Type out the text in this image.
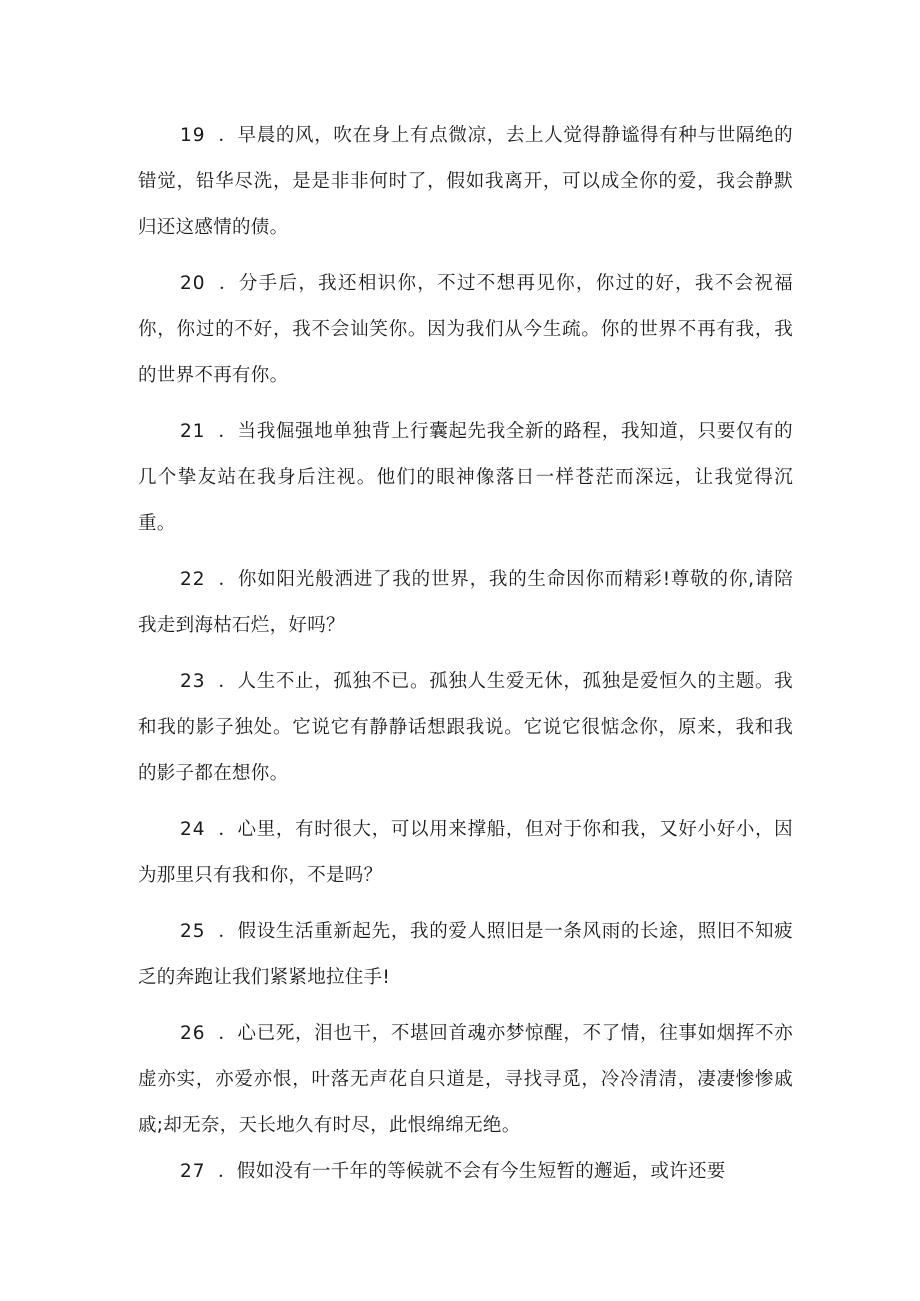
19 ．早晨的风，吹在身上有点微凉，去上人觉得静谧得有种与世隔绝的错觉，铅华尽洗，是是非非何时了，假如我离开，可以成全你的爱，我会静默归还这感情的债。

20 ．分手后，我还相识你，不过不想再见你，你过的好，我不会祝福你，你过的不好，我不会讪笑你。因为我们从今生疏。你的世界不再有我，我的世界不再有你。

21 ．当我倔强地单独背上行囊起先我全新的路程，我知道，只要仅有的几个挚友站在我身后注视。他们的眼神像落日一样苍茫而深远，让我觉得沉重。

22 ．你如阳光般洒进了我的世界，我的生命因你而精彩!尊敬的你,请陪我走到海枯石烂，好吗？

23 ．人生不止，孤独不已。孤独人生爱无休，孤独是爱恒久的主题。我和我的影子独处。它说它有静静话想跟我说。它说它很惦念你，原来，我和我的影子都在想你。

24 ．心里，有时很大，可以用来撑船，但对于你和我，又好小好小，因为那里只有我和你，不是吗？

25 ．假设生活重新起先，我的爱人照旧是一条风雨的长途，照旧不知疲乏的奔跑让我们紧紧地拉住手!

26 ．心已死，泪也干，不堪回首魂亦梦惊醒，不了情，往事如烟挥不亦虚亦实，亦爱亦恨，叶落无声花自只道是，寻找寻觅，冷冷清清，凄凄惨惨戚戚;却无奈，天长地久有时尽，此恨绵绵无绝。

27 ．假如没有一千年的等候就不会有今生短暂的邂逅，或许还要
